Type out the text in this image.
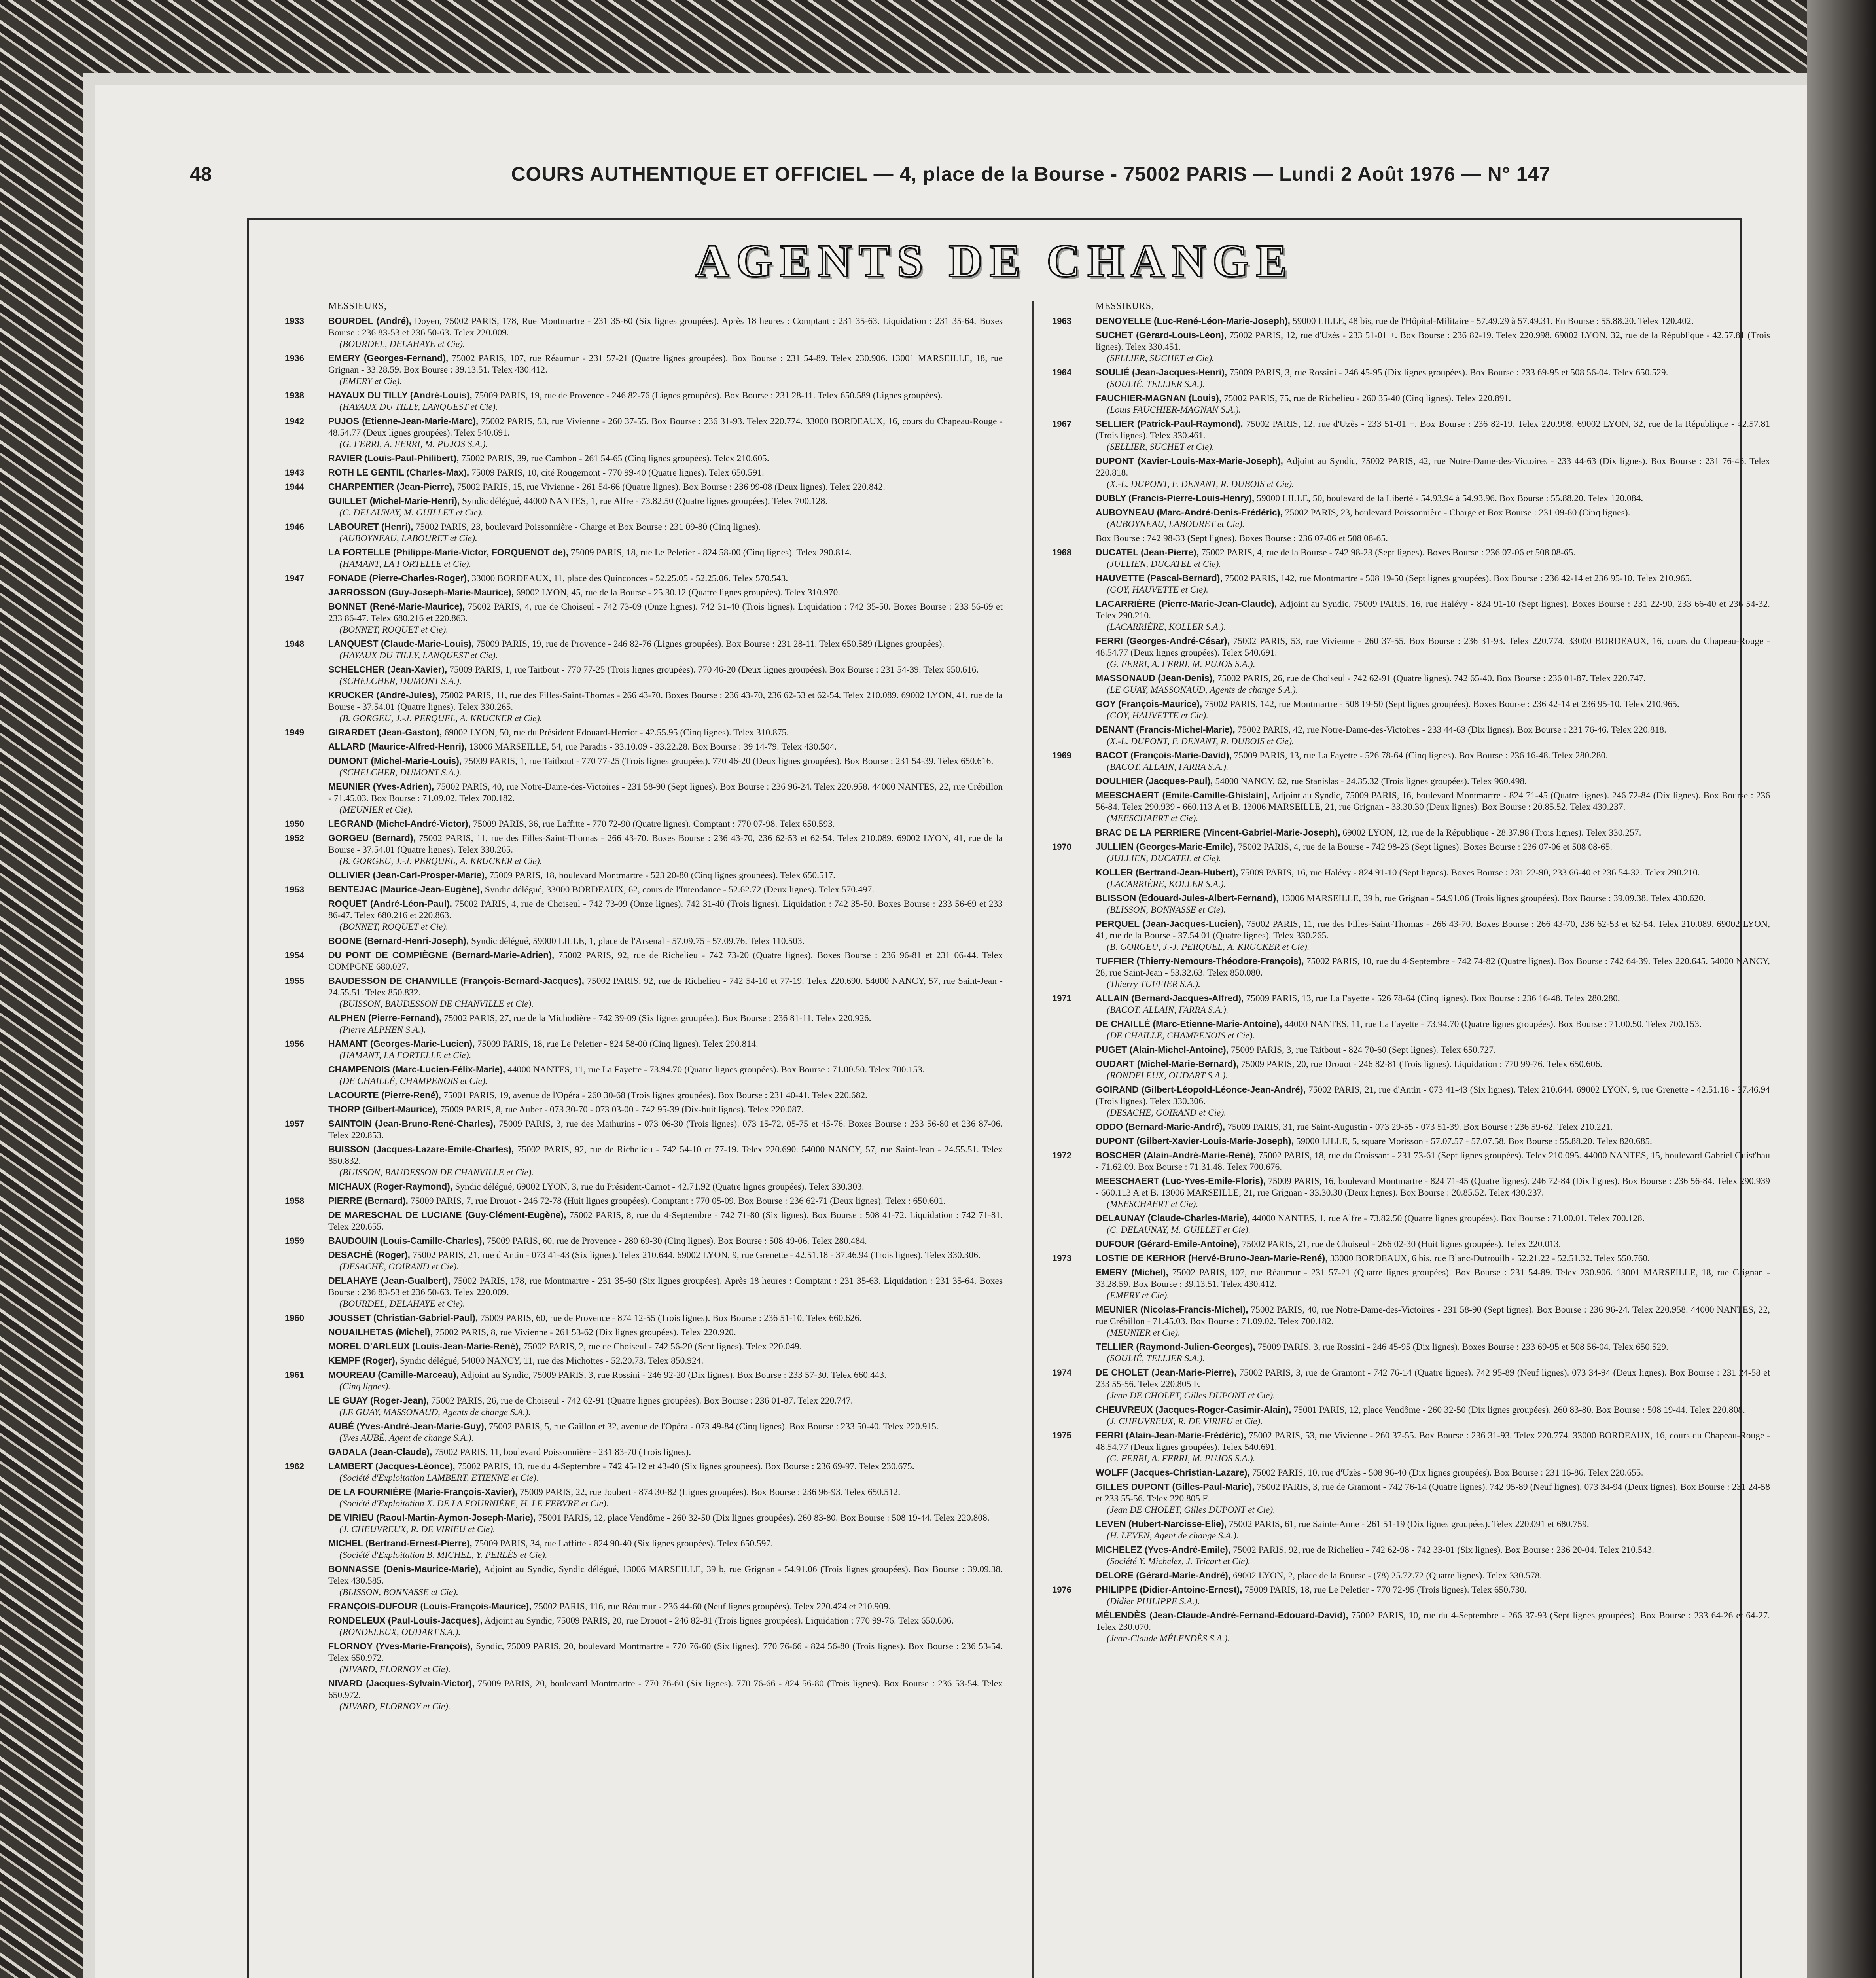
48	COURS AUTHENTIQUE ET OFFICIEL — 4, place de la Bourse - 75002 PARIS — Lundi 2 Août 1976 — N° 147
AGENTS DE CHANGE
MESSIEURS,
1933	BOURDEL (André), Doyen, 75002 PARIS, 178, Rue Montmartre - 231 35-60 (Six lignes groupées). Après 18 heures : Comptant : 231 35-63. Liquidation : 231 35-64. Boxes Bourse : 236 83-53 et 236 50-63. Telex 220.009.
(BOURDEL, DELAHAYE et Cie).
1936	EMERY (Georges-Fernand), 75002 PARIS, 107, rue Réaumur - 231 57-21 (Quatre lignes groupées). Box Bourse : 231 54-89. Telex 230.906. 13001 MARSEILLE, 18, rue Grignan - 33.28.59. Box Bourse : 39.13.51. Telex 430.412.
(EMERY et Cie).
1938	HAYAUX DU TILLY (André-Louis), 75009 PARIS, 19, rue de Provence - 246 82-76 (Lignes groupées). Box Bourse : 231 28-11. Telex 650.589 (Lignes groupées).
(HAYAUX DU TILLY, LANQUEST et Cie).
1942	PUJOS (Etienne-Jean-Marie-Marc), 75002 PARIS, 53, rue Vivienne - 260 37-55. Box Bourse : 236 31-93. Telex 220.774. 33000 BORDEAUX, 16, cours du Chapeau-Rouge - 48.54.77 (Deux lignes groupées). Telex 540.691.
(G. FERRI, A. FERRI, M. PUJOS S.A.).
RAVIER (Louis-Paul-Philibert), 75002 PARIS, 39, rue Cambon - 261 54-65 (Cinq lignes groupées). Telex 210.605.
1943	ROTH LE GENTIL (Charles-Max), 75009 PARIS, 10, cité Rougemont - 770 99-40 (Quatre lignes). Telex 650.591.
1944	CHARPENTIER (Jean-Pierre), 75002 PARIS, 15, rue Vivienne - 261 54-66 (Quatre lignes). Box Bourse : 236 99-08 (Deux lignes). Telex 220.842.
GUILLET (Michel-Marie-Henri), Syndic délégué, 44000 NANTES, 1, rue Alfre - 73.82.50 (Quatre lignes groupées). Telex 700.128.
(C. DELAUNAY, M. GUILLET et Cie).
1946	LABOURET (Henri), 75002 PARIS, 23, boulevard Poissonnière - Charge et Box Bourse : 231 09-80 (Cinq lignes).
(AUBOYNEAU, LABOURET et Cie).
LA FORTELLE (Philippe-Marie-Victor, FORQUENOT de), 75009 PARIS, 18, rue Le Peletier - 824 58-00 (Cinq lignes). Telex 290.814.
(HAMANT, LA FORTELLE et Cie).
1947	FONADE (Pierre-Charles-Roger), 33000 BORDEAUX, 11, place des Quinconces - 52.25.05 - 52.25.06. Telex 570.543.
JARROSSON (Guy-Joseph-Marie-Maurice), 69002 LYON, 45, rue de la Bourse - 25.30.12 (Quatre lignes groupées). Telex 310.970.
BONNET (René-Marie-Maurice), 75002 PARIS, 4, rue de Choiseul - 742 73-09 (Onze lignes). 742 31-40 (Trois lignes). Liquidation : 742 35-50. Boxes Bourse : 233 56-69 et 233 86-47. Telex 680.216 et 220.863.
(BONNET, ROQUET et Cie).
1948	LANQUEST (Claude-Marie-Louis), 75009 PARIS, 19, rue de Provence - 246 82-76 (Lignes groupées). Box Bourse : 231 28-11. Telex 650.589 (Lignes groupées).
(HAYAUX DU TILLY, LANQUEST et Cie).
SCHELCHER (Jean-Xavier), 75009 PARIS, 1, rue Taitbout - 770 77-25 (Trois lignes groupées). 770 46-20 (Deux lignes groupées). Box Bourse : 231 54-39. Telex 650.616.
(SCHELCHER, DUMONT S.A.).
KRUCKER (André-Jules), 75002 PARIS, 11, rue des Filles-Saint-Thomas - 266 43-70. Boxes Bourse : 236 43-70, 236 62-53 et 62-54. Telex 210.089. 69002 LYON, 41, rue de la Bourse - 37.54.01 (Quatre lignes). Telex 330.265.
(B. GORGEU, J.-J. PERQUEL, A. KRUCKER et Cie).
1949	GIRARDET (Jean-Gaston), 69002 LYON, 50, rue du Président Edouard-Herriot - 42.55.95 (Cinq lignes). Telex 310.875.
ALLARD (Maurice-Alfred-Henri), 13006 MARSEILLE, 54, rue Paradis - 33.10.09 - 33.22.28. Box Bourse : 39 14-79. Telex 430.504.
DUMONT (Michel-Marie-Louis), 75009 PARIS, 1, rue Taitbout - 770 77-25 (Trois lignes groupées). 770 46-20 (Deux lignes groupées). Box Bourse : 231 54-39. Telex 650.616.
(SCHELCHER, DUMONT S.A.).
MEUNIER (Yves-Adrien), 75002 PARIS, 40, rue Notre-Dame-des-Victoires - 231 58-90 (Sept lignes). Box Bourse : 236 96-24. Telex 220.958. 44000 NANTES, 22, rue Crébillon - 71.45.03. Box Bourse : 71.09.02. Telex 700.182.
(MEUNIER et Cie).
1950	LEGRAND (Michel-André-Victor), 75009 PARIS, 36, rue Laffitte - 770 72-90 (Quatre lignes). Comptant : 770 07-98. Telex 650.593.
1952	GORGEU (Bernard), 75002 PARIS, 11, rue des Filles-Saint-Thomas - 266 43-70. Boxes Bourse : 236 43-70, 236 62-53 et 62-54. Telex 210.089. 69002 LYON, 41, rue de la Bourse - 37.54.01 (Quatre lignes). Telex 330.265.
(B. GORGEU, J.-J. PERQUEL, A. KRUCKER et Cie).
OLLIVIER (Jean-Carl-Prosper-Marie), 75009 PARIS, 18, boulevard Montmartre - 523 20-80 (Cinq lignes groupées). Telex 650.517.
1953	BENTEJAC (Maurice-Jean-Eugène), Syndic délégué, 33000 BORDEAUX, 62, cours de l'Intendance - 52.62.72 (Deux lignes). Telex 570.497.
ROQUET (André-Léon-Paul), 75002 PARIS, 4, rue de Choiseul - 742 73-09 (Onze lignes). 742 31-40 (Trois lignes). Liquidation : 742 35-50. Boxes Bourse : 233 56-69 et 233 86-47. Telex 680.216 et 220.863.
(BONNET, ROQUET et Cie).
BOONE (Bernard-Henri-Joseph), Syndic délégué, 59000 LILLE, 1, place de l'Arsenal - 57.09.75 - 57.09.76. Telex 110.503.
1954	DU PONT DE COMPIÈGNE (Bernard-Marie-Adrien), 75002 PARIS, 92, rue de Richelieu - 742 73-20 (Quatre lignes). Boxes Bourse : 236 96-81 et 231 06-44. Telex COMPGNE 680.027.
1955	BAUDESSON DE CHANVILLE (François-Bernard-Jacques), 75002 PARIS, 92, rue de Richelieu - 742 54-10 et 77-19. Telex 220.690. 54000 NANCY, 57, rue Saint-Jean - 24.55.51. Telex 850.832.
(BUISSON, BAUDESSON DE CHANVILLE et Cie).
ALPHEN (Pierre-Fernand), 75002 PARIS, 27, rue de la Michodière - 742 39-09 (Six lignes groupées). Box Bourse : 236 81-11. Telex 220.926.
(Pierre ALPHEN S.A.).
1956	HAMANT (Georges-Marie-Lucien), 75009 PARIS, 18, rue Le Peletier - 824 58-00 (Cinq lignes). Telex 290.814.
(HAMANT, LA FORTELLE et Cie).
CHAMPENOIS (Marc-Lucien-Félix-Marie), 44000 NANTES, 11, rue La Fayette - 73.94.70 (Quatre lignes groupées). Box Bourse : 71.00.50. Telex 700.153.
(DE CHAILLÉ, CHAMPENOIS et Cie).
LACOURTE (Pierre-René), 75001 PARIS, 19, avenue de l'Opéra - 260 30-68 (Trois lignes groupées). Box Bourse : 231 40-41. Telex 220.682.
THORP (Gilbert-Maurice), 75009 PARIS, 8, rue Auber - 073 30-70 - 073 03-00 - 742 95-39 (Dix-huit lignes). Telex 220.087.
1957	SAINTOIN (Jean-Bruno-René-Charles), 75009 PARIS, 3, rue des Mathurins - 073 06-30 (Trois lignes). 073 15-72, 05-75 et 45-76. Boxes Bourse : 233 56-80 et 236 87-06. Telex 220.853.
BUISSON (Jacques-Lazare-Emile-Charles), 75002 PARIS, 92, rue de Richelieu - 742 54-10 et 77-19. Telex 220.690. 54000 NANCY, 57, rue Saint-Jean - 24.55.51. Telex 850.832.
(BUISSON, BAUDESSON DE CHANVILLE et Cie).
MICHAUX (Roger-Raymond), Syndic délégué, 69002 LYON, 3, rue du Président-Carnot - 42.71.92 (Quatre lignes groupées). Telex 330.303.
1958	PIERRE (Bernard), 75009 PARIS, 7, rue Drouot - 246 72-78 (Huit lignes groupées). Comptant : 770 05-09. Box Bourse : 236 62-71 (Deux lignes). Telex : 650.601.
DE MARESCHAL DE LUCIANE (Guy-Clément-Eugène), 75002 PARIS, 8, rue du 4-Septembre - 742 71-80 (Six lignes). Box Bourse : 508 41-72. Liquidation : 742 71-81. Telex 220.655.
1959	BAUDOUIN (Louis-Camille-Charles), 75009 PARIS, 60, rue de Provence - 280 69-30 (Cinq lignes). Box Bourse : 508 49-06. Telex 280.484.
DESACHÉ (Roger), 75002 PARIS, 21, rue d'Antin - 073 41-43 (Six lignes). Telex 210.644. 69002 LYON, 9, rue Grenette - 42.51.18 - 37.46.94 (Trois lignes). Telex 330.306.
(DESACHÉ, GOIRAND et Cie).
DELAHAYE (Jean-Gualbert), 75002 PARIS, 178, rue Montmartre - 231 35-60 (Six lignes groupées). Après 18 heures : Comptant : 231 35-63. Liquidation : 231 35-64. Boxes Bourse : 236 83-53 et 236 50-63. Telex 220.009.
(BOURDEL, DELAHAYE et Cie).
1960	JOUSSET (Christian-Gabriel-Paul), 75009 PARIS, 60, rue de Provence - 874 12-55 (Trois lignes). Box Bourse : 236 51-10. Telex 660.626.
NOUAILHETAS (Michel), 75002 PARIS, 8, rue Vivienne - 261 53-62 (Dix lignes groupées). Telex 220.920.
MOREL D'ARLEUX (Louis-Jean-Marie-René), 75002 PARIS, 2, rue de Choiseul - 742 56-20 (Sept lignes). Telex 220.049.
KEMPF (Roger), Syndic délégué, 54000 NANCY, 11, rue des Michottes - 52.20.73. Telex 850.924.
1961	MOUREAU (Camille-Marceau), Adjoint au Syndic, 75009 PARIS, 3, rue Rossini - 246 92-20 (Dix lignes). Box Bourse : 233 57-30. Telex 660.443.
(Cinq lignes).
LE GUAY (Roger-Jean), 75002 PARIS, 26, rue de Choiseul - 742 62-91 (Quatre lignes groupées). Box Bourse : 236 01-87. Telex 220.747.
(LE GUAY, MASSONAUD, Agents de change S.A.).
AUBÉ (Yves-André-Jean-Marie-Guy), 75002 PARIS, 5, rue Gaillon et 32, avenue de l'Opéra - 073 49-84 (Cinq lignes). Box Bourse : 233 50-40. Telex 220.915.
(Yves AUBÉ, Agent de change S.A.).
GADALA (Jean-Claude), 75002 PARIS, 11, boulevard Poissonnière - 231 83-70 (Trois lignes).
1962	LAMBERT (Jacques-Léonce), 75002 PARIS, 13, rue du 4-Septembre - 742 45-12 et 43-40 (Six lignes groupées). Box Bourse : 236 69-97. Telex 230.675.
(Société d'Exploitation LAMBERT, ETIENNE et Cie).
DE LA FOURNIÈRE (Marie-François-Xavier), 75009 PARIS, 22, rue Joubert - 874 30-82 (Lignes groupées). Box Bourse : 236 96-93. Telex 650.512.
(Société d'Exploitation X. DE LA FOURNIÈRE, H. LE FEBVRE et Cie).
DE VIRIEU (Raoul-Martin-Aymon-Joseph-Marie), 75001 PARIS, 12, place Vendôme - 260 32-50 (Dix lignes groupées). 260 83-80. Box Bourse : 508 19-44. Telex 220.808.
(J. CHEUVREUX, R. DE VIRIEU et Cie).
MICHEL (Bertrand-Ernest-Pierre), 75009 PARIS, 34, rue Laffitte - 824 90-40 (Six lignes groupées). Telex 650.597.
(Société d'Exploitation B. MICHEL, Y. PERLÈS et Cie).
BONNASSE (Denis-Maurice-Marie), Adjoint au Syndic, Syndic délégué, 13006 MARSEILLE, 39 b, rue Grignan - 54.91.06 (Trois lignes groupées). Box Bourse : 39.09.38. Telex 430.585.
(BLISSON, BONNASSE et Cie).
FRANÇOIS-DUFOUR (Louis-François-Maurice), 75002 PARIS, 116, rue Réaumur - 236 44-60 (Neuf lignes groupées). Telex 220.424 et 210.909.
RONDELEUX (Paul-Louis-Jacques), Adjoint au Syndic, 75009 PARIS, 20, rue Drouot - 246 82-81 (Trois lignes groupées). Liquidation : 770 99-76. Telex 650.606.
(RONDELEUX, OUDART S.A.).
FLORNOY (Yves-Marie-François), Syndic, 75009 PARIS, 20, boulevard Montmartre - 770 76-60 (Six lignes). 770 76-66 - 824 56-80 (Trois lignes). Box Bourse : 236 53-54. Telex 650.972.
(NIVARD, FLORNOY et Cie).
NIVARD (Jacques-Sylvain-Victor), 75009 PARIS, 20, boulevard Montmartre - 770 76-60 (Six lignes). 770 76-66 - 824 56-80 (Trois lignes). Box Bourse : 236 53-54. Telex 650.972.
(NIVARD, FLORNOY et Cie).
MESSIEURS,
1963	DENOYELLE (Luc-René-Léon-Marie-Joseph), 59000 LILLE, 48 bis, rue de l'Hôpital-Militaire - 57.49.29 à 57.49.31. En Bourse : 55.88.20. Telex 120.402.
SUCHET (Gérard-Louis-Léon), 75002 PARIS, 12, rue d'Uzès - 233 51-01 +. Box Bourse : 236 82-19. Telex 220.998. 69002 LYON, 32, rue de la République - 42.57.81 (Trois lignes). Telex 330.451.
(SELLIER, SUCHET et Cie).
1964	SOULIÉ (Jean-Jacques-Henri), 75009 PARIS, 3, rue Rossini - 246 45-95 (Dix lignes groupées). Box Bourse : 233 69-95 et 508 56-04. Telex 650.529.
(SOULIÉ, TELLIER S.A.).
FAUCHIER-MAGNAN (Louis), 75002 PARIS, 75, rue de Richelieu - 260 35-40 (Cinq lignes). Telex 220.891.
(Louis FAUCHIER-MAGNAN S.A.).
1967	SELLIER (Patrick-Paul-Raymond), 75002 PARIS, 12, rue d'Uzès - 233 51-01 +. Box Bourse : 236 82-19. Telex 220.998. 69002 LYON, 32, rue de la République - 42.57.81 (Trois lignes). Telex 330.461.
(SELLIER, SUCHET et Cie).
DUPONT (Xavier-Louis-Max-Marie-Joseph), Adjoint au Syndic, 75002 PARIS, 42, rue Notre-Dame-des-Victoires - 233 44-63 (Dix lignes). Box Bourse : 231 76-46. Telex 220.818.
(X.-L. DUPONT, F. DENANT, R. DUBOIS et Cie).
DUBLY (Francis-Pierre-Louis-Henry), 59000 LILLE, 50, boulevard de la Liberté - 54.93.94 à 54.93.96. Box Bourse : 55.88.20. Telex 120.084.
AUBOYNEAU (Marc-André-Denis-Frédéric), 75002 PARIS, 23, boulevard Poissonnière - Charge et Box Bourse : 231 09-80 (Cinq lignes).
(AUBOYNEAU, LABOURET et Cie).
Box Bourse : 742 98-33 (Sept lignes). Boxes Bourse : 236 07-06 et 508 08-65.
1968	DUCATEL (Jean-Pierre), 75002 PARIS, 4, rue de la Bourse - 742 98-23 (Sept lignes). Boxes Bourse : 236 07-06 et 508 08-65.
(JULLIEN, DUCATEL et Cie).
HAUVETTE (Pascal-Bernard), 75002 PARIS, 142, rue Montmartre - 508 19-50 (Sept lignes groupées). Box Bourse : 236 42-14 et 236 95-10. Telex 210.965.
(GOY, HAUVETTE et Cie).
LACARRIÈRE (Pierre-Marie-Jean-Claude), Adjoint au Syndic, 75009 PARIS, 16, rue Halévy - 824 91-10 (Sept lignes). Boxes Bourse : 231 22-90, 233 66-40 et 236 54-32. Telex 290.210.
(LACARRIÈRE, KOLLER S.A.).
FERRI (Georges-André-César), 75002 PARIS, 53, rue Vivienne - 260 37-55. Box Bourse : 236 31-93. Telex 220.774. 33000 BORDEAUX, 16, cours du Chapeau-Rouge - 48.54.77 (Deux lignes groupées). Telex 540.691.
(G. FERRI, A. FERRI, M. PUJOS S.A.).
MASSONAUD (Jean-Denis), 75002 PARIS, 26, rue de Choiseul - 742 62-91 (Quatre lignes). 742 65-40. Box Bourse : 236 01-87. Telex 220.747.
(LE GUAY, MASSONAUD, Agents de change S.A.).
GOY (François-Maurice), 75002 PARIS, 142, rue Montmartre - 508 19-50 (Sept lignes groupées). Boxes Bourse : 236 42-14 et 236 95-10. Telex 210.965.
(GOY, HAUVETTE et Cie).
DENANT (Francis-Michel-Marie), 75002 PARIS, 42, rue Notre-Dame-des-Victoires - 233 44-63 (Dix lignes). Box Bourse : 231 76-46. Telex 220.818.
(X.-L. DUPONT, F. DENANT, R. DUBOIS et Cie).
1969	BACOT (François-Marie-David), 75009 PARIS, 13, rue La Fayette - 526 78-64 (Cinq lignes). Box Bourse : 236 16-48. Telex 280.280.
(BACOT, ALLAIN, FARRA S.A.).
DOULHIER (Jacques-Paul), 54000 NANCY, 62, rue Stanislas - 24.35.32 (Trois lignes groupées). Telex 960.498.
MEESCHAERT (Emile-Camille-Ghislain), Adjoint au Syndic, 75009 PARIS, 16, boulevard Montmartre - 824 71-45 (Quatre lignes). 246 72-84 (Dix lignes). Box Bourse : 236 56-84. Telex 290.939 - 660.113 A et B. 13006 MARSEILLE, 21, rue Grignan - 33.30.30 (Deux lignes). Box Bourse : 20.85.52. Telex 430.237.
(MEESCHAERT et Cie).
BRAC DE LA PERRIERE (Vincent-Gabriel-Marie-Joseph), 69002 LYON, 12, rue de la République - 28.37.98 (Trois lignes). Telex 330.257.
1970	JULLIEN (Georges-Marie-Emile), 75002 PARIS, 4, rue de la Bourse - 742 98-23 (Sept lignes). Boxes Bourse : 236 07-06 et 508 08-65.
(JULLIEN, DUCATEL et Cie).
KOLLER (Bertrand-Jean-Hubert), 75009 PARIS, 16, rue Halévy - 824 91-10 (Sept lignes). Boxes Bourse : 231 22-90, 233 66-40 et 236 54-32. Telex 290.210.
(LACARRIÈRE, KOLLER S.A.).
BLISSON (Edouard-Jules-Albert-Fernand), 13006 MARSEILLE, 39 b, rue Grignan - 54.91.06 (Trois lignes groupées). Box Bourse : 39.09.38. Telex 430.620.
(BLISSON, BONNASSE et Cie).
PERQUEL (Jean-Jacques-Lucien), 75002 PARIS, 11, rue des Filles-Saint-Thomas - 266 43-70. Boxes Bourse : 266 43-70, 236 62-53 et 62-54. Telex 210.089. 69002 LYON, 41, rue de la Bourse - 37.54.01 (Quatre lignes). Telex 330.265.
(B. GORGEU, J.-J. PERQUEL, A. KRUCKER et Cie).
TUFFIER (Thierry-Nemours-Théodore-François), 75002 PARIS, 10, rue du 4-Septembre - 742 74-82 (Quatre lignes). Box Bourse : 742 64-39. Telex 220.645. 54000 NANCY, 28, rue Saint-Jean - 53.32.63. Telex 850.080.
(Thierry TUFFIER S.A.).
1971	ALLAIN (Bernard-Jacques-Alfred), 75009 PARIS, 13, rue La Fayette - 526 78-64 (Cinq lignes). Box Bourse : 236 16-48. Telex 280.280.
(BACOT, ALLAIN, FARRA S.A.).
DE CHAILLÉ (Marc-Etienne-Marie-Antoine), 44000 NANTES, 11, rue La Fayette - 73.94.70 (Quatre lignes groupées). Box Bourse : 71.00.50. Telex 700.153.
(DE CHAILLÉ, CHAMPENOIS et Cie).
PUGET (Alain-Michel-Antoine), 75009 PARIS, 3, rue Taitbout - 824 70-60 (Sept lignes). Telex 650.727.
OUDART (Michel-Marie-Bernard), 75009 PARIS, 20, rue Drouot - 246 82-81 (Trois lignes). Liquidation : 770 99-76. Telex 650.606.
(RONDELEUX, OUDART S.A.).
GOIRAND (Gilbert-Léopold-Léonce-Jean-André), 75002 PARIS, 21, rue d'Antin - 073 41-43 (Six lignes). Telex 210.644. 69002 LYON, 9, rue Grenette - 42.51.18 - 37.46.94 (Trois lignes). Telex 330.306.
(DESACHÉ, GOIRAND et Cie).
ODDO (Bernard-Marie-André), 75009 PARIS, 31, rue Saint-Augustin - 073 29-55 - 073 51-39. Box Bourse : 236 59-62. Telex 210.221.
DUPONT (Gilbert-Xavier-Louis-Marie-Joseph), 59000 LILLE, 5, square Morisson - 57.07.57 - 57.07.58. Box Bourse : 55.88.20. Telex 820.685.
1972	BOSCHER (Alain-André-Marie-René), 75002 PARIS, 18, rue du Croissant - 231 73-61 (Sept lignes groupées). Telex 210.095. 44000 NANTES, 15, boulevard Gabriel Guist'hau - 71.62.09. Box Bourse : 71.31.48. Telex 700.676.
MEESCHAERT (Luc-Yves-Emile-Floris), 75009 PARIS, 16, boulevard Montmartre - 824 71-45 (Quatre lignes). 246 72-84 (Dix lignes). Box Bourse : 236 56-84. Telex 290.939 - 660.113 A et B. 13006 MARSEILLE, 21, rue Grignan - 33.30.30 (Deux lignes). Box Bourse : 20.85.52. Telex 430.237.
(MEESCHAERT et Cie).
DELAUNAY (Claude-Charles-Marie), 44000 NANTES, 1, rue Alfre - 73.82.50 (Quatre lignes groupées). Box Bourse : 71.00.01. Telex 700.128.
(C. DELAUNAY, M. GUILLET et Cie).
DUFOUR (Gérard-Emile-Antoine), 75002 PARIS, 21, rue de Choiseul - 266 02-30 (Huit lignes groupées). Telex 220.013.
1973	LOSTIE DE KERHOR (Hervé-Bruno-Jean-Marie-René), 33000 BORDEAUX, 6 bis, rue Blanc-Dutrouilh - 52.21.22 - 52.51.32. Telex 550.760.
EMERY (Michel), 75002 PARIS, 107, rue Réaumur - 231 57-21 (Quatre lignes groupées). Box Bourse : 231 54-89. Telex 230.906. 13001 MARSEILLE, 18, rue Grignan - 33.28.59. Box Bourse : 39.13.51. Telex 430.412.
(EMERY et Cie).
MEUNIER (Nicolas-Francis-Michel), 75002 PARIS, 40, rue Notre-Dame-des-Victoires - 231 58-90 (Sept lignes). Box Bourse : 236 96-24. Telex 220.958. 44000 NANTES, 22, rue Crébillon - 71.45.03. Box Bourse : 71.09.02. Telex 700.182.
(MEUNIER et Cie).
TELLIER (Raymond-Julien-Georges), 75009 PARIS, 3, rue Rossini - 246 45-95 (Dix lignes). Boxes Bourse : 233 69-95 et 508 56-04. Telex 650.529.
(SOULIÉ, TELLIER S.A.).
1974	DE CHOLET (Jean-Marie-Pierre), 75002 PARIS, 3, rue de Gramont - 742 76-14 (Quatre lignes). 742 95-89 (Neuf lignes). 073 34-94 (Deux lignes). Box Bourse : 231 24-58 et 233 55-56. Telex 220.805 F.
(Jean DE CHOLET, Gilles DUPONT et Cie).
CHEUVREUX (Jacques-Roger-Casimir-Alain), 75001 PARIS, 12, place Vendôme - 260 32-50 (Dix lignes groupées). 260 83-80. Box Bourse : 508 19-44. Telex 220.808.
(J. CHEUVREUX, R. DE VIRIEU et Cie).
1975	FERRI (Alain-Jean-Marie-Frédéric), 75002 PARIS, 53, rue Vivienne - 260 37-55. Box Bourse : 236 31-93. Telex 220.774. 33000 BORDEAUX, 16, cours du Chapeau-Rouge - 48.54.77 (Deux lignes groupées). Telex 540.691.
(G. FERRI, A. FERRI, M. PUJOS S.A.).
WOLFF (Jacques-Christian-Lazare), 75002 PARIS, 10, rue d'Uzès - 508 96-40 (Dix lignes groupées). Box Bourse : 231 16-86. Telex 220.655.
GILLES DUPONT (Gilles-Paul-Marie), 75002 PARIS, 3, rue de Gramont - 742 76-14 (Quatre lignes). 742 95-89 (Neuf lignes). 073 34-94 (Deux lignes). Box Bourse : 231 24-58 et 233 55-56. Telex 220.805 F.
(Jean DE CHOLET, Gilles DUPONT et Cie).
LEVEN (Hubert-Narcisse-Elie), 75002 PARIS, 61, rue Sainte-Anne - 261 51-19 (Dix lignes groupées). Telex 220.091 et 680.759.
(H. LEVEN, Agent de change S.A.).
MICHELEZ (Yves-André-Emile), 75002 PARIS, 92, rue de Richelieu - 742 62-98 - 742 33-01 (Six lignes). Box Bourse : 236 20-04. Telex 210.543.
(Société Y. Michelez, J. Tricart et Cie).
DELORE (Gérard-Marie-André), 69002 LYON, 2, place de la Bourse - (78) 25.72.72 (Quatre lignes). Telex 330.578.
1976	PHILIPPE (Didier-Antoine-Ernest), 75009 PARIS, 18, rue Le Peletier - 770 72-95 (Trois lignes). Telex 650.730.
(Didier PHILIPPE S.A.).
MÉLENDÈS (Jean-Claude-André-Fernand-Edouard-David), 75002 PARIS, 10, rue du 4-Septembre - 266 37-93 (Sept lignes groupées). Box Bourse : 233 64-26 et 64-27. Telex 230.070.
(Jean-Claude MÉLENDÈS S.A.).
